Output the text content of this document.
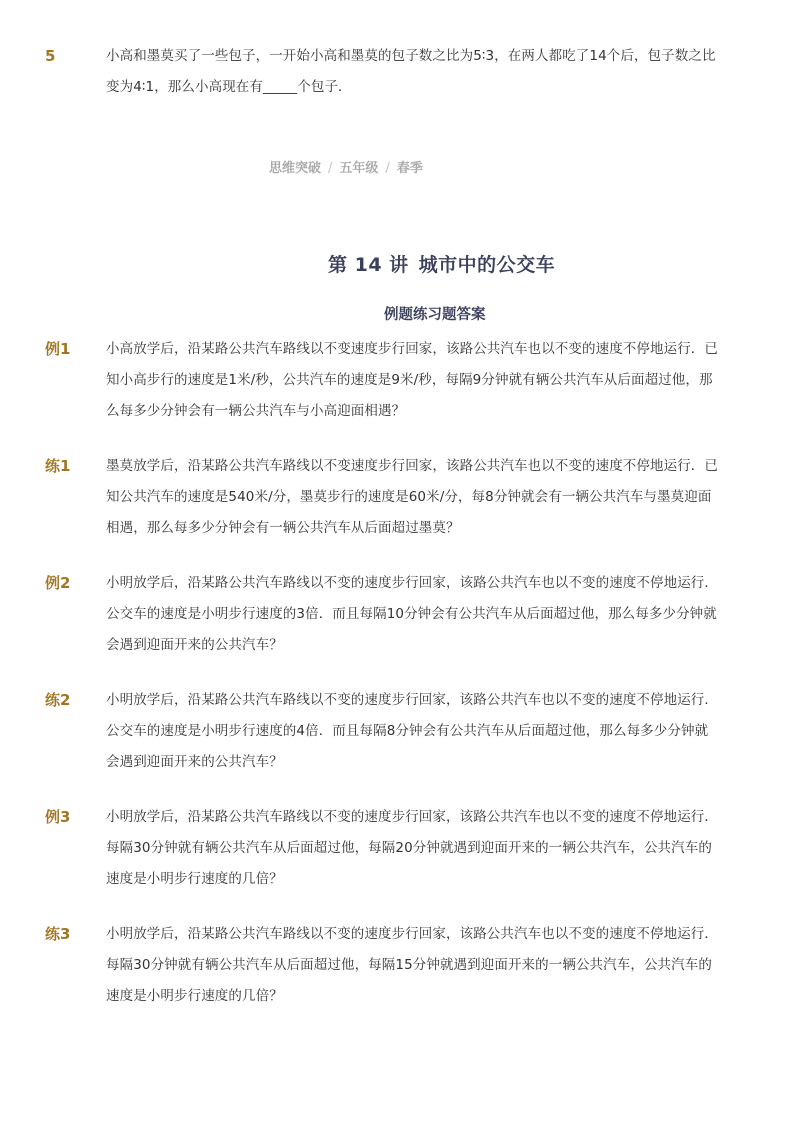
5	小高和墨莫买了一些包子，一开始小高和墨莫的包子数之比为5∶3，在两人都吃了14个后，包子数之比变为4∶1，那么小高现在有_____个包子．
思维突破 / 五年级 / 春季
第 14 讲 城市中的公交车
例题练习题答案
例1	小高放学后，沿某路公共汽车路线以不变速度步行回家，该路公共汽车也以不变的速度不停地运行．已知小高步行的速度是1米/秒，公共汽车的速度是9米/秒，每隔9分钟就有辆公共汽车从后面超过他，那么每多少分钟会有一辆公共汽车与小高迎面相遇？
练1	墨莫放学后，沿某路公共汽车路线以不变速度步行回家，该路公共汽车也以不变的速度不停地运行．已知公共汽车的速度是540米/分，墨莫步行的速度是60米/分，每8分钟就会有一辆公共汽车与墨莫迎面相遇，那么每多少分钟会有一辆公共汽车从后面超过墨莫？
例2	小明放学后，沿某路公共汽车路线以不变的速度步行回家，该路公共汽车也以不变的速度不停地运行．公交车的速度是小明步行速度的3倍．而且每隔10分钟会有公共汽车从后面超过他，那么每多少分钟就会遇到迎面开来的公共汽车？
练2	小明放学后，沿某路公共汽车路线以不变的速度步行回家，该路公共汽车也以不变的速度不停地运行．公交车的速度是小明步行速度的4倍．而且每隔8分钟会有公共汽车从后面超过他，那么每多少分钟就会遇到迎面开来的公共汽车？
例3	小明放学后，沿某路公共汽车路线以不变的速度步行回家，该路公共汽车也以不变的速度不停地运行．每隔30分钟就有辆公共汽车从后面超过他，每隔20分钟就遇到迎面开来的一辆公共汽车，公共汽车的速度是小明步行速度的几倍？
练3	小明放学后，沿某路公共汽车路线以不变的速度步行回家，该路公共汽车也以不变的速度不停地运行．每隔30分钟就有辆公共汽车从后面超过他，每隔15分钟就遇到迎面开来的一辆公共汽车，公共汽车的速度是小明步行速度的几倍？
